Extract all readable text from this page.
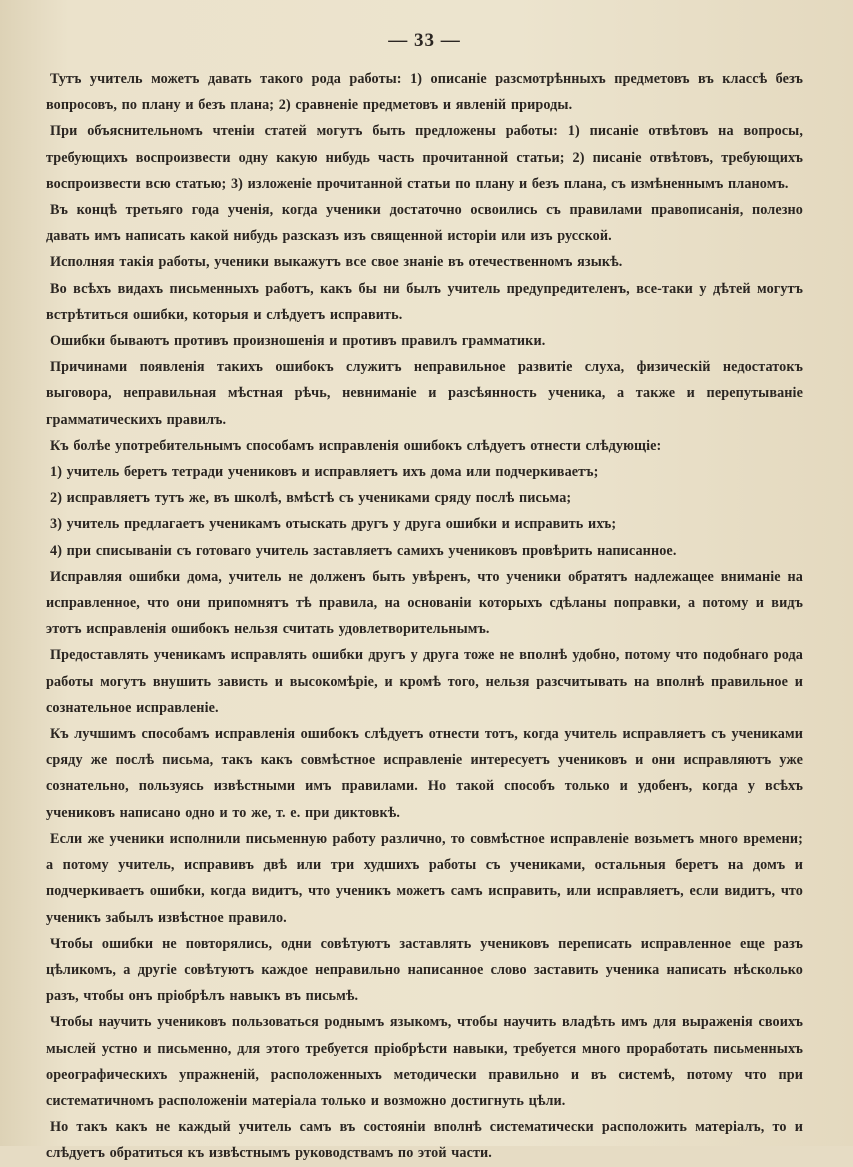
— 33 —

Тутъ учитель можетъ давать такого рода работы: 1) описаніе разсмотрѣнныхъ предметовъ въ классѣ безъ вопросовъ, по плану и безъ плана; 2) сравненіе предметовъ и явленій природы.

При объяснительномъ чтеніи статей могутъ быть предложены работы: 1) писаніе отвѣтовъ на вопросы, требующихъ воспроизвести одну какую нибудь часть прочитанной статьи; 2) писаніе отвѣтовъ, требующихъ воспроизвести всю статью; 3) изложеніе прочитанной статьи по плану и безъ плана, съ измѣненнымъ планомъ.

Въ концѣ третьяго года ученія, когда ученики достаточно освоились съ правилами правописанія, полезно давать имъ написать какой нибудь разсказъ изъ священной исторіи или изъ русской.

Исполняя такія работы, ученики выкажутъ все свое знаніе въ отечественномъ языкѣ.

Во всѣхъ видахъ письменныхъ работъ, какъ бы ни былъ учитель предупредителенъ, все-таки у дѣтей могутъ встрѣтиться ошибки, которыя и слѣдуетъ исправить.

Ошибки бываютъ противъ произношенія и противъ правилъ грамматики.

Причинами появленія такихъ ошибокъ служитъ неправильное развитіе слуха, физическій недостатокъ выговора, неправильная мѣстная рѣчь, невниманіе и разсѣянность ученика, а также и перепутываніе грамматическихъ правилъ.

Къ болѣе употребительнымъ способамъ исправленія ошибокъ слѣдуетъ отнести слѣдующіе:

1) учитель беретъ тетради учениковъ и исправляетъ ихъ дома или подчеркиваетъ;

2) исправляетъ тутъ же, въ школѣ, вмѣстѣ съ учениками сряду послѣ письма;

3) учитель предлагаетъ ученикамъ отыскать другъ у друга ошибки и исправить ихъ;

4) при списываніи съ готоваго учитель заставляетъ самихъ учениковъ провѣрить написанное.

Исправляя ошибки дома, учитель не долженъ быть увѣренъ, что ученики обратятъ надлежащее вниманіе на исправленное, что они припомнятъ тѣ правила, на основаніи которыхъ сдѣланы поправки, а потому и видъ этотъ исправленія ошибокъ нельзя считать удовлетворительнымъ.

Предоставлять ученикамъ исправлять ошибки другъ у друга тоже не вполнѣ удобно, потому что подобнаго рода работы могутъ внушить зависть и высокомѣріе, и кромѣ того, нельзя разсчитывать на вполнѣ правильное и сознательное исправленіе.

Къ лучшимъ способамъ исправленія ошибокъ слѣдуетъ отнести тотъ, когда учитель исправляетъ съ учениками сряду же послѣ письма, такъ какъ совмѣстное исправленіе интересуетъ учениковъ и они исправляютъ уже сознательно, пользуясь извѣстными имъ правилами. Но такой способъ только и удобенъ, когда у всѣхъ учениковъ написано одно и то же, т. е. при диктовкѣ.

Если же ученики исполнили письменную работу различно, то совмѣстное исправленіе возьметъ много времени; а потому учитель, исправивъ двѣ или три худшихъ работы съ учениками, остальныя беретъ на домъ и подчеркиваетъ ошибки, когда видитъ, что ученикъ можетъ самъ исправить, или исправляетъ, если видитъ, что ученикъ забылъ извѣстное правило.

Чтобы ошибки не повторялись, одни совѣтуютъ заставлять учениковъ переписать исправленное еще разъ цѣликомъ, а другіе совѣтуютъ каждое неправильно написанное слово заставить ученика написать нѣсколько разъ, чтобы онъ пріобрѣлъ навыкъ въ письмѣ.

Чтобы научить учениковъ пользоваться роднымъ языкомъ, чтобы научить владѣть имъ для выраженія своихъ мыслей устно и письменно, для этого требуется пріобрѣсти навыки, требуется много проработать письменныхъ ореографическихъ упражненій, расположенныхъ методически правильно и въ системѣ, потому что при систематичномъ расположеніи матеріала только и возможно достигнуть цѣли.

Но такъ какъ не каждый учитель самъ въ состояніи вполнѣ систематически расположить матеріалъ, то и слѣдуетъ обратиться къ извѣстнымъ руководствамъ по этой части.
